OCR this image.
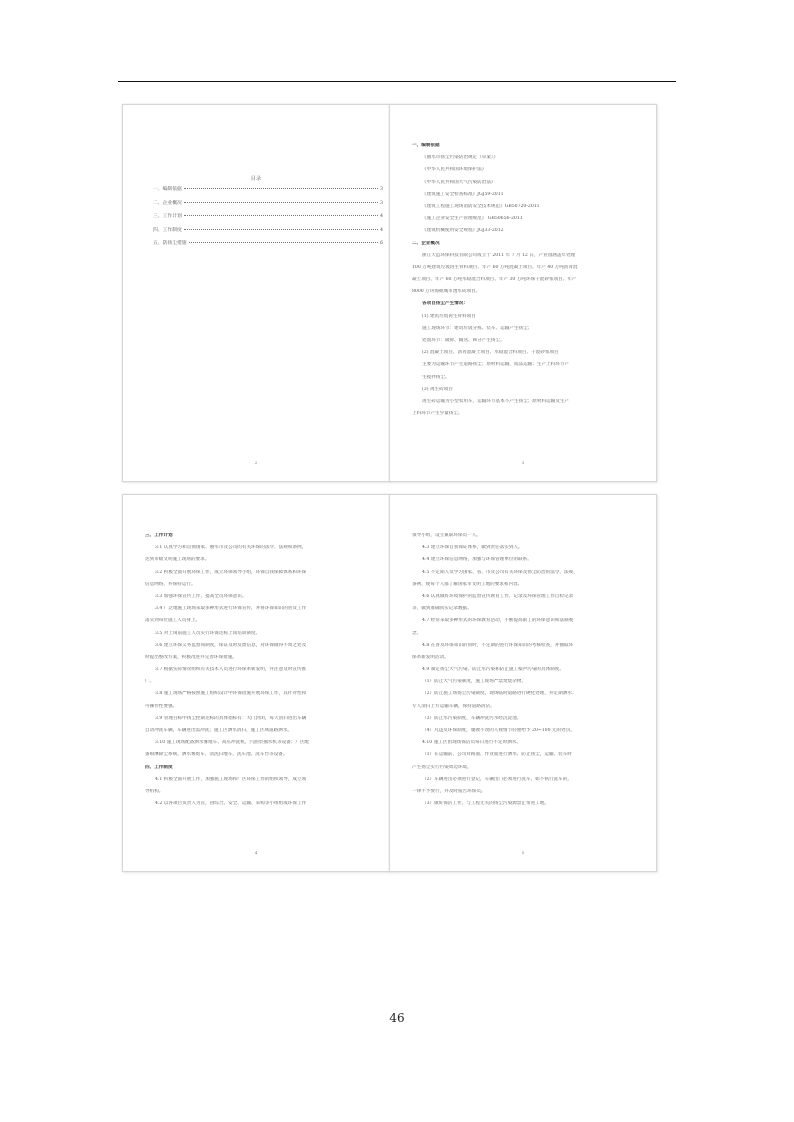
目录
一、编制依据	3
二、企业概况	3
三、工作计划	4
四、工作制度	4
五、防扬尘措施	6
2
一、编制依据
《丽水市扬尘污染防治规定（草案）》
《中华人民共和国环境保护法》
《中华人民共和国大气污染防治法》
《建筑施工安全检查标准》JGJ59-2011
《建筑工程施工现场消防安全技术规范》GB50720-2011
《施工企业安全生产管理规范》 GB50656-2011
《建筑机械使用安全规程》JGJ33-2012
二、企业概况
浙江天造环保科技有限公司成立于 2011 年 7 月 12 日，产业园涵盖年处理
100 万吨建筑垃圾再生骨料项目、年产 60 万吨混凝土项目、年产 40 万吨沥青混
凝土项目、年产 60 万吨水稳混合料项目、年产 30 万吨环保干混砂浆项目、年产
8000 万块海绵城市透水砖项目。
各项目扬尘产生情况：
(1) 建筑垃圾再生骨料项目
施工现场环节：建筑垃圾分拣、装车、运输产生扬尘；
处置环节：破碎、输送、筛分产生扬尘。
(2) 混凝土项目、沥青混凝土项目、水稳混合料项目、干混砂浆项目
主要为运输环节产生道路扬尘；原材料运输，成品运输；生产上料环节产
生搅拌扬尘。
(3) 再生砖项目
再生砖运输为小型农用车，运输环节基本不产生扬尘；原材料运输及生产
上料环节产生少量扬尘。
3
三、工作计划
3.1 认真学习和贯彻国家、丽水市及公司的有关环保的法令、法规和条例，
达到市级文明施工现场的要求。
3.2 积极全面开展环保工作，成立环保领导小组，环保自我保障体系和环保
信息网络，并保持运行。
3.3 加强环保宣传工作，提高全员环保意识。
3.4 广泛地施工现场采取多种形式进行环保宣传，并将环保知识的普及工作
落实到每位施工人员身上。
3.5 对上岗前施工人员实行环保达标上岗培训制度。
3.6 建立环保义务监督岗制度，保证及时反馈信息，对环保做得不周之处及
时提出整改方案，积极改进并完善环保措施。
3.7 根据实际情况组织有关技术人员进行环保革新发明，并注意及时宣传推
广。
3.8 施工现场严格按照施工组织设计中环保措施开展环保工作，其针对性和
可操作性要强。
3.9 管理目标中扬尘控制达标的具体指标有：大门封闭，每天清扫进出车辆
自动冲洗车辆，车辆进出需冲洗；施工区洒水清扫，施工区域道路洒水。
3.10 施工现场配备洒水雾炮车、高压冲洗机、汽油泵抽水机等设备；厂区配
备喷淋除尘系统、洒水雾炮车、清洗扫地车、洗车池、洗车台等设备。
四、工作制度
4.1 积极全面开展工作，加强施工现场和厂区环保工作的组织领导，成立领
导机构。
4.2 以各项目负责人为首，由综合、安全、运输、采购等小组组成环保工作
4
领导小组，设立兼职环保员一人。
4.3 建立环保自我保证体系，做到责任落实到人。
4.4 建立环保信息网络，加强与环保管理单位的联系。
4.5 不定期人员学习国家、省、市及公司有关环保及扬尘防治的法令、法规、
条例，使每个人都了解国家市文明工地的要求和内容。
4.6 认真做好环境保护的监督宣传教育工作，记录及环保管理工作自检记录
等，做到准确真实记录数据。
4.7 经常采取多种形式的环保教育活动，不断提高职工的环保意识和法制观
念。
4.8 在普及环保知识的同时，不定期的进行环保知识的考核检查，并抽取环
保革新发明活动。
4.9 制定扬尘大气污染、防止水污染和防止施工噪声污染的具体制度。
（1）防止大气污染制度，施工现场严禁焚烧杂物。
（2）防止施工场扬尘污染制度，现场临时道路进行硬化处理，并定期洒水；
专人清扫上方运输车辆，保持道路清洁。
（3）防止水污染制度，车辆冲洗污水经沉淀池。
（4）凡违反环保制度，屡教不改的人视情节轻重给予 20~100 元的处罚。
4.10 施工区由现场保洁员每日进行不定时洒水。
（1）在运输前，公司对路面、作业面进行洒水、防止扬尘，运输、装车时
产生扬尘实行污染周边环境。
（2）车辆进出必须进行登记，车辆出门必须进行洗车，如不执行洗车的，
一律不予放行，并及时报告环保员。
（3）做好保洁工作，与工程无关的扬尘污染源禁止带进工地。
5
46
